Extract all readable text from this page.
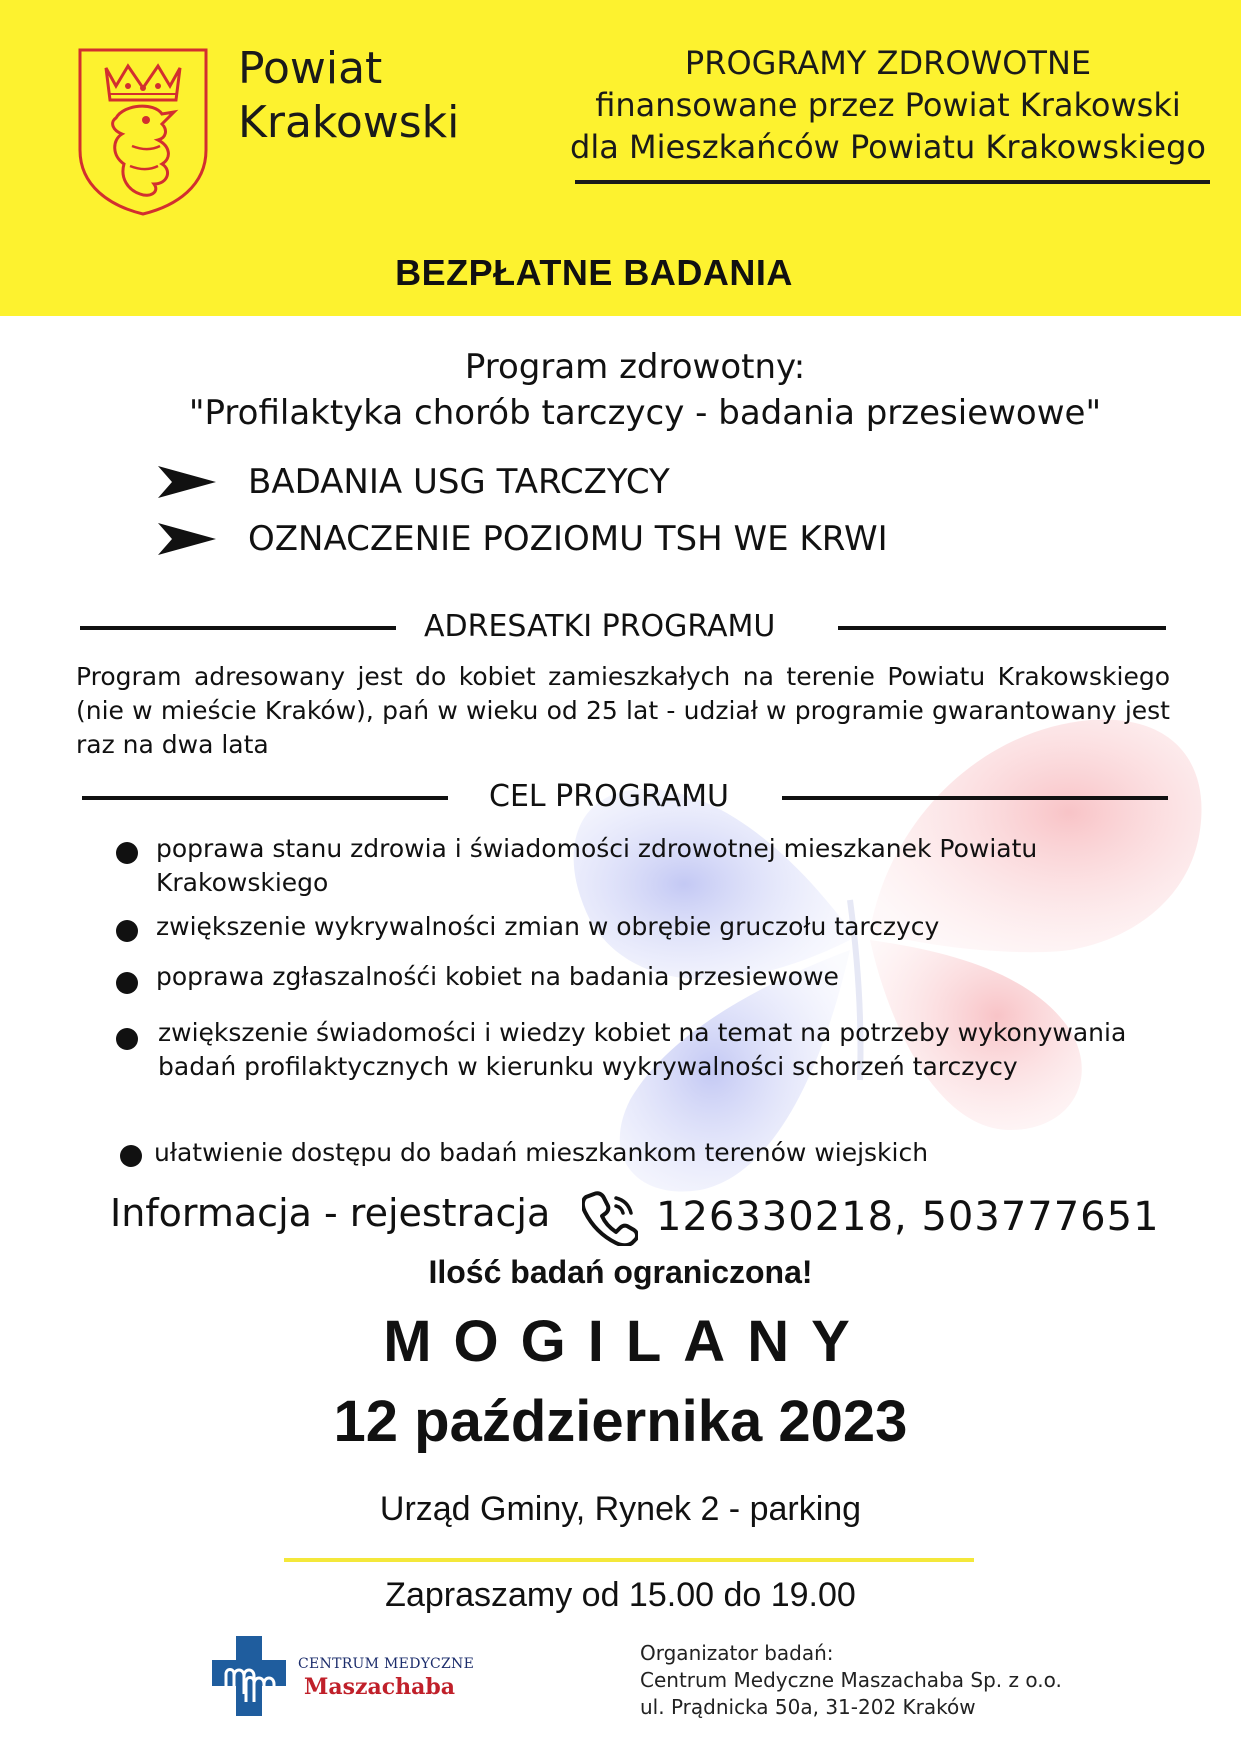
Powiat
Krakowski
PROGRAMY ZDROWOTNE
finansowane przez Powiat Krakowski
dla Mieszkańców Powiatu Krakowskiego
BEZPŁATNE BADANIA
Program zdrowotny:
"Profilaktyka chorób tarczycy - badania przesiewowe"
BADANIA USG TARCZYCY
OZNACZENIE POZIOMU TSH WE KRWI
ADRESATKI PROGRAMU
Program adresowany jest do kobiet zamieszkałych na terenie Powiatu Krakowskiego (nie w mieście Kraków), pań w wieku od 25 lat - udział w programie gwarantowany jest raz na dwa lata
CEL PROGRAMU
poprawa stanu zdrowia i świadomości zdrowotnej mieszkanek Powiatu Krakowskiego
zwiększenie wykrywalności zmian w obrębie gruczołu tarczycy
poprawa zgłaszalnośći kobiet na badania przesiewowe
zwiększenie świadomości i wiedzy kobiet na temat na potrzeby wykonywania badań profilaktycznych w kierunku wykrywalności schorzeń tarczycy
ułatwienie dostępu do badań mieszkankom terenów wiejskich
Informacja - rejestracja	126330218, 503777651
Ilość badań ograniczona!
MOGILANY
12 października 2023
Urząd Gminy, Rynek 2 - parking
Zapraszamy od 15.00 do 19.00
CENTRUM MEDYCZNE
Maszachaba
Organizator badań:
Centrum Medyczne Maszachaba Sp. z o.o.
ul. Prądnicka 50a, 31-202 Kraków
